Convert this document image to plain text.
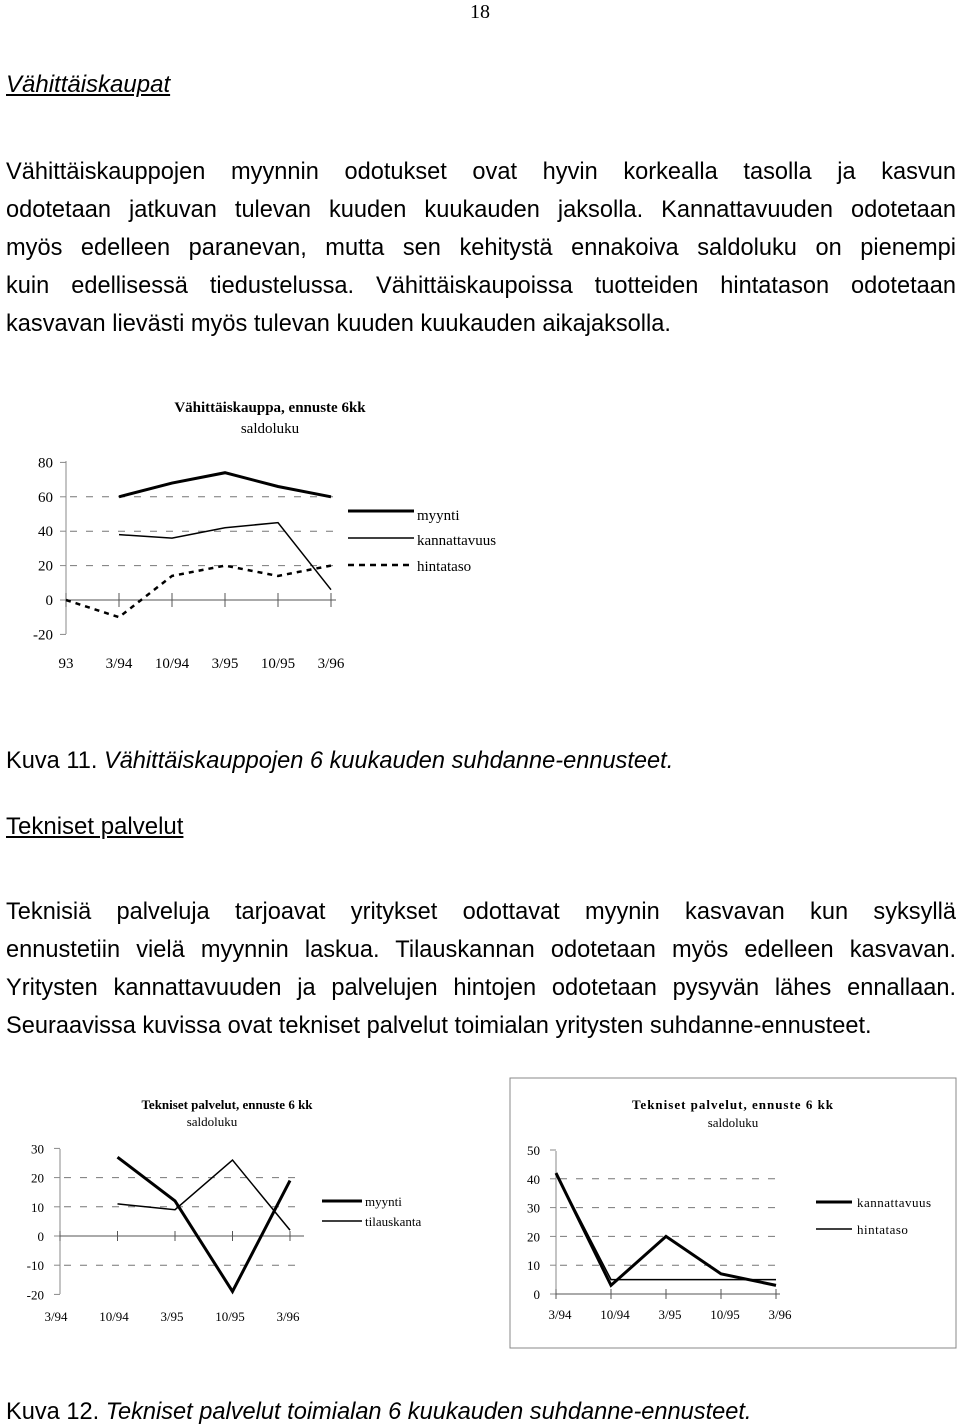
18
Vähittäiskaupat
Vähittäiskauppojen myynnin odotukset ovat hyvin korkealla tasolla ja kasvun
odotetaan jatkuvan tulevan kuuden kuukauden jaksolla. Kannattavuuden odotetaan
myös edelleen paranevan, mutta sen kehitystä ennakoiva saldoluku on pienempi
kuin edellisessä tiedustelussa. Vähittäiskaupoissa tuotteiden hintatason odotetaan
kasvavan lievästi myös tulevan kuuden kuukauden aikajaksolla.
Vähittäiskauppa, ennuste 6kk
saldoluku
80
60
40
20
0
-20
93 3/94 10/94 3/95 10/95 3/96
myynti
kannattavuus
hintataso
Kuva 11. Vähittäiskauppojen 6 kuukauden suhdanne-ennusteet.
Tekniset palvelut
Teknisiä palveluja tarjoavat yritykset odottavat myynin kasvavan kun syksyllä
ennustetiin vielä myynnin laskua. Tilauskannan odotetaan myös edelleen kasvavan.
Yritysten kannattavuuden ja palvelujen hintojen odotetaan pysyvän lähes ennallaan.
Seuraavissa kuvissa ovat tekniset palvelut toimialan yritysten suhdanne-ennusteet.
Tekniset palvelut, ennuste 6 kk
saldoluku
30
20
10
0
-10
-20
3/94 10/94 3/95 10/95 3/96
myynti
tilauskanta
Tekniset palvelut, ennuste 6 kk
saldoluku
50
40
30
20
10
0
3/94 10/94 3/95 10/95 3/96
kannattavuus
hintataso
Kuva 12. Tekniset palvelut toimialan 6 kuukauden suhdanne-ennusteet.
